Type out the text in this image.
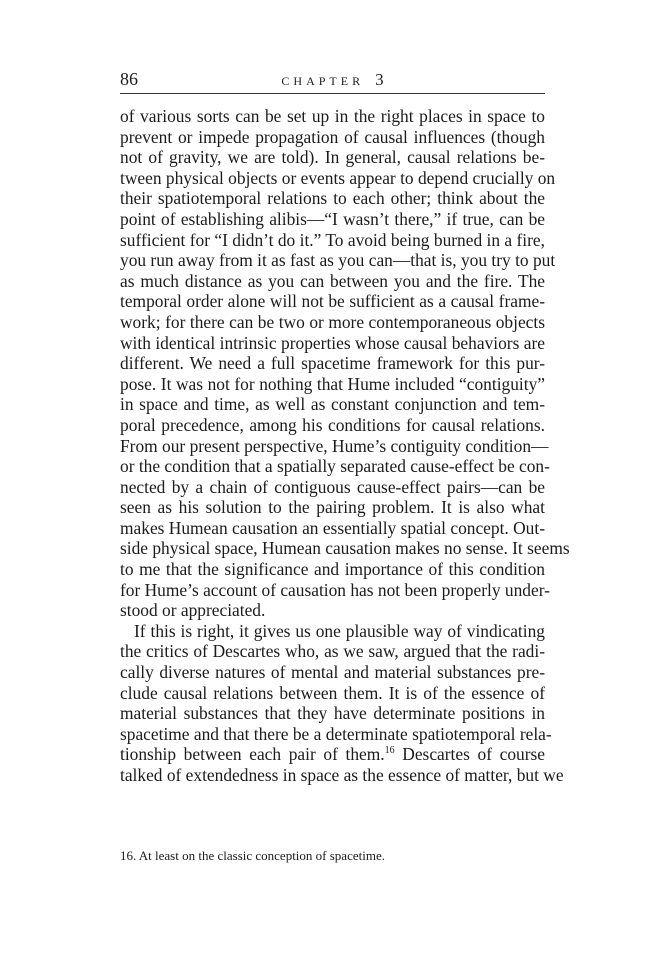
86	CHAPTER 3
of various sorts can be set up in the right places in space to
prevent or impede propagation of causal influences (though
not of gravity, we are told). In general, causal relations be-
tween physical objects or events appear to depend crucially on
their spatiotemporal relations to each other; think about the
point of establishing alibis—“I wasn’t there,” if true, can be
sufficient for “I didn’t do it.” To avoid being burned in a fire,
you run away from it as fast as you can—that is, you try to put
as much distance as you can between you and the fire. The
temporal order alone will not be sufficient as a causal frame-
work; for there can be two or more contemporaneous objects
with identical intrinsic properties whose causal behaviors are
different. We need a full spacetime framework for this pur-
pose. It was not for nothing that Hume included “contiguity”
in space and time, as well as constant conjunction and tem-
poral precedence, among his conditions for causal relations.
From our present perspective, Hume’s contiguity condition—
or the condition that a spatially separated cause-effect be con-
nected by a chain of contiguous cause-effect pairs—can be
seen as his solution to the pairing problem. It is also what
makes Humean causation an essentially spatial concept. Out-
side physical space, Humean causation makes no sense. It seems
to me that the significance and importance of this condition
for Hume’s account of causation has not been properly under-
stood or appreciated.
If this is right, it gives us one plausible way of vindicating
the critics of Descartes who, as we saw, argued that the radi-
cally diverse natures of mental and material substances pre-
clude causal relations between them. It is of the essence of
material substances that they have determinate positions in
spacetime and that there be a determinate spatiotemporal rela-
tionship between each pair of them.$^{16}$ Descartes of course
talked of extendedness in space as the essence of matter, but we
16. At least on the classic conception of spacetime.
